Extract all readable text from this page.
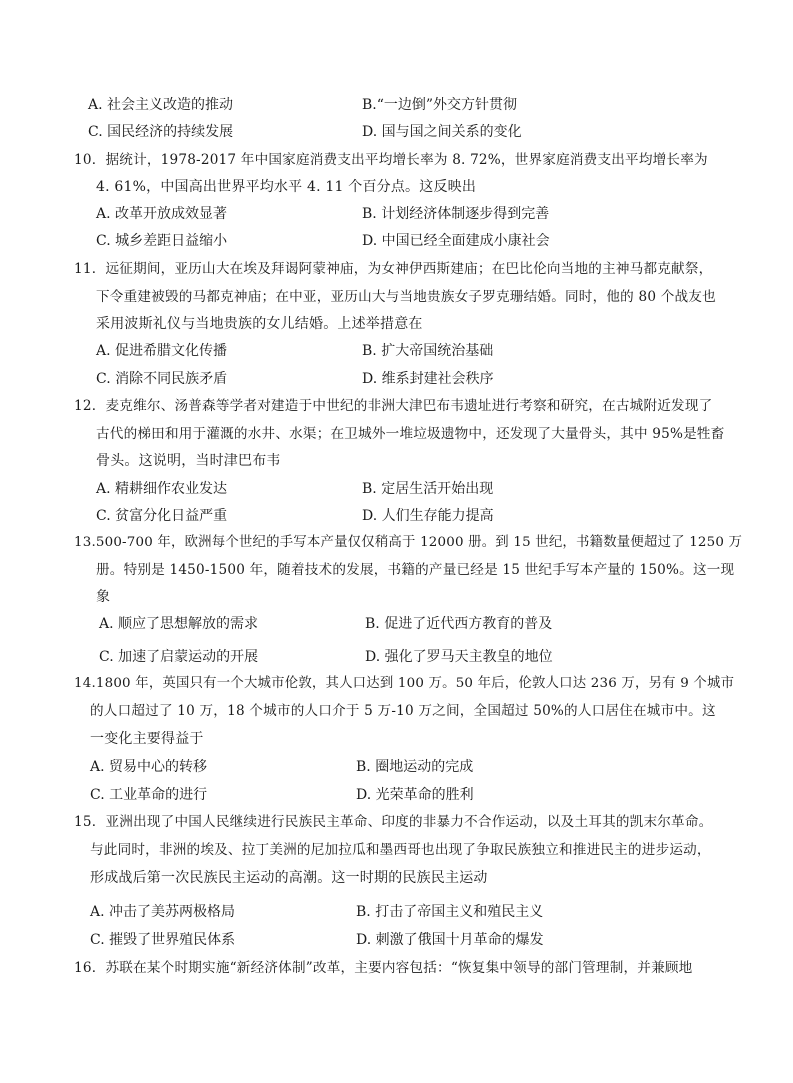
A. 社会主义改造的推动	B.“一边倒”外交方针贯彻
C. 国民经济的持续发展	D. 国与国之间关系的变化
10．据统计，1978-2017 年中国家庭消费支出平均增长率为 8. 72%，世界家庭消费支出平均增长率为
4. 61%，中国高出世界平均水平 4. 11 个百分点。这反映出
A. 改革开放成效显著	B. 计划经济体制逐步得到完善
C. 城乡差距日益缩小	D. 中国已经全面建成小康社会
11．远征期间，亚历山大在埃及拜谒阿蒙神庙，为女神伊西斯建庙；在巴比伦向当地的主神马都克献祭，
下令重建被毁的马都克神庙；在中亚，亚历山大与当地贵族女子罗克珊结婚。同时，他的 80 个战友也
采用波斯礼仪与当地贵族的女儿结婚。上述举措意在
A. 促进希腊文化传播	B. 扩大帝国统治基础
C. 消除不同民族矛盾	D. 维系封建社会秩序
12．麦克维尔、汤普森等学者对建造于中世纪的非洲大津巴布韦遗址进行考察和研究，在古城附近发现了
古代的梯田和用于灌溉的水井、水渠；在卫城外一堆垃圾遗物中，还发现了大量骨头，其中 95%是牲畜
骨头。这说明，当时津巴布韦
A. 精耕细作农业发达	B. 定居生活开始出现
C. 贫富分化日益严重	D. 人们生存能力提高
13.500-700 年，欧洲每个世纪的手写本产量仅仅稍高于 12000 册。到 15 世纪，书籍数量便超过了 1250 万
册。特别是 1450-1500 年，随着技术的发展，书籍的产量已经是 15 世纪手写本产量的 150%。这一现
象
A. 顺应了思想解放的需求	B. 促进了近代西方教育的普及
C. 加速了启蒙运动的开展	D. 强化了罗马天主教皇的地位
14.1800 年，英国只有一个大城市伦敦，其人口达到 100 万。50 年后，伦敦人口达 236 万，另有 9 个城市
的人口超过了 10 万，18 个城市的人口介于 5 万-10 万之间，全国超过 50%的人口居住在城市中。这
一变化主要得益于
A. 贸易中心的转移	B. 圈地运动的完成
C. 工业革命的进行	D. 光荣革命的胜利
15．亚洲出现了中国人民继续进行民族民主革命、印度的非暴力不合作运动，以及土耳其的凯末尔革命。
与此同时，非洲的埃及、拉丁美洲的尼加拉瓜和墨西哥也出现了争取民族独立和推进民主的进步运动，
形成战后第一次民族民主运动的高潮。这一时期的民族民主运动
A. 冲击了美苏两极格局	B. 打击了帝国主义和殖民主义
C. 摧毁了世界殖民体系	D. 刺激了俄国十月革命的爆发
16．苏联在某个时期实施“新经济体制”改革，主要内容包括：“恢复集中领导的部门管理制，并兼顾地
